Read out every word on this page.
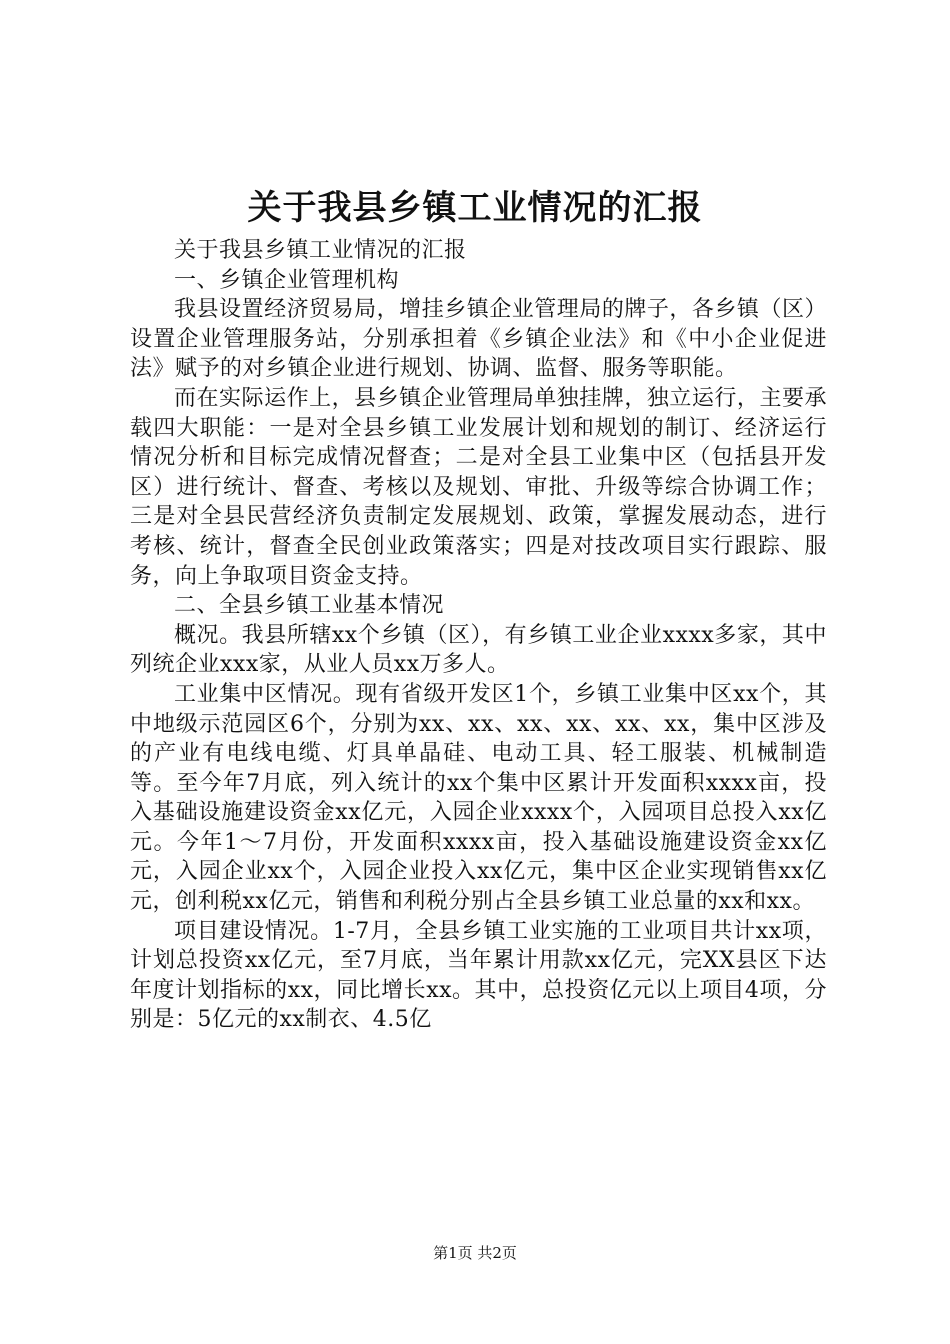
关于我县乡镇工业情况的汇报

关于我县乡镇工业情况的汇报

一、乡镇企业管理机构

我县设置经济贸易局，增挂乡镇企业管理局的牌子，各乡镇（区）设置企业管理服务站，分别承担着《乡镇企业法》和《中小企业促进法》赋予的对乡镇企业进行规划、协调、监督、服务等职能。

而在实际运作上，县乡镇企业管理局单独挂牌，独立运行，主要承载四大职能：一是对全县乡镇工业发展计划和规划的制订、经济运行情况分析和目标完成情况督查；二是对全县工业集中区（包括县开发区）进行统计、督查、考核以及规划、审批、升级等综合协调工作；三是对全县民营经济负责制定发展规划、政策，掌握发展动态，进行考核、统计，督查全民创业政策落实；四是对技改项目实行跟踪、服务，向上争取项目资金支持。

二、全县乡镇工业基本情况

概况。我县所辖xx个乡镇（区），有乡镇工业企业xxxx多家，其中列统企业xxx家，从业人员xx万多人。

工业集中区情况。现有省级开发区1个，乡镇工业集中区xx个，其中地级示范园区6个，分别为xx、xx、xx、xx、xx、xx，集中区涉及的产业有电线电缆、灯具单晶硅、电动工具、轻工服装、机械制造等。至今年7月底，列入统计的xx个集中区累计开发面积xxxx亩，投入基础设施建设资金xx亿元，入园企业xxxx个，入园项目总投入xx亿元。今年1～7月份，开发面积xxxx亩，投入基础设施建设资金xx亿元，入园企业xx个，入园企业投入xx亿元，集中区企业实现销售xx亿元，创利税xx亿元，销售和利税分别占全县乡镇工业总量的xx和xx。

项目建设情况。1-7月，全县乡镇工业实施的工业项目共计xx项，计划总投资xx亿元，至7月底，当年累计用款xx亿元，完XX县区下达年度计划指标的xx，同比增长xx。其中，总投资亿元以上项目4项，分别是：5亿元的xx制衣、4.5亿

第1页 共2页
